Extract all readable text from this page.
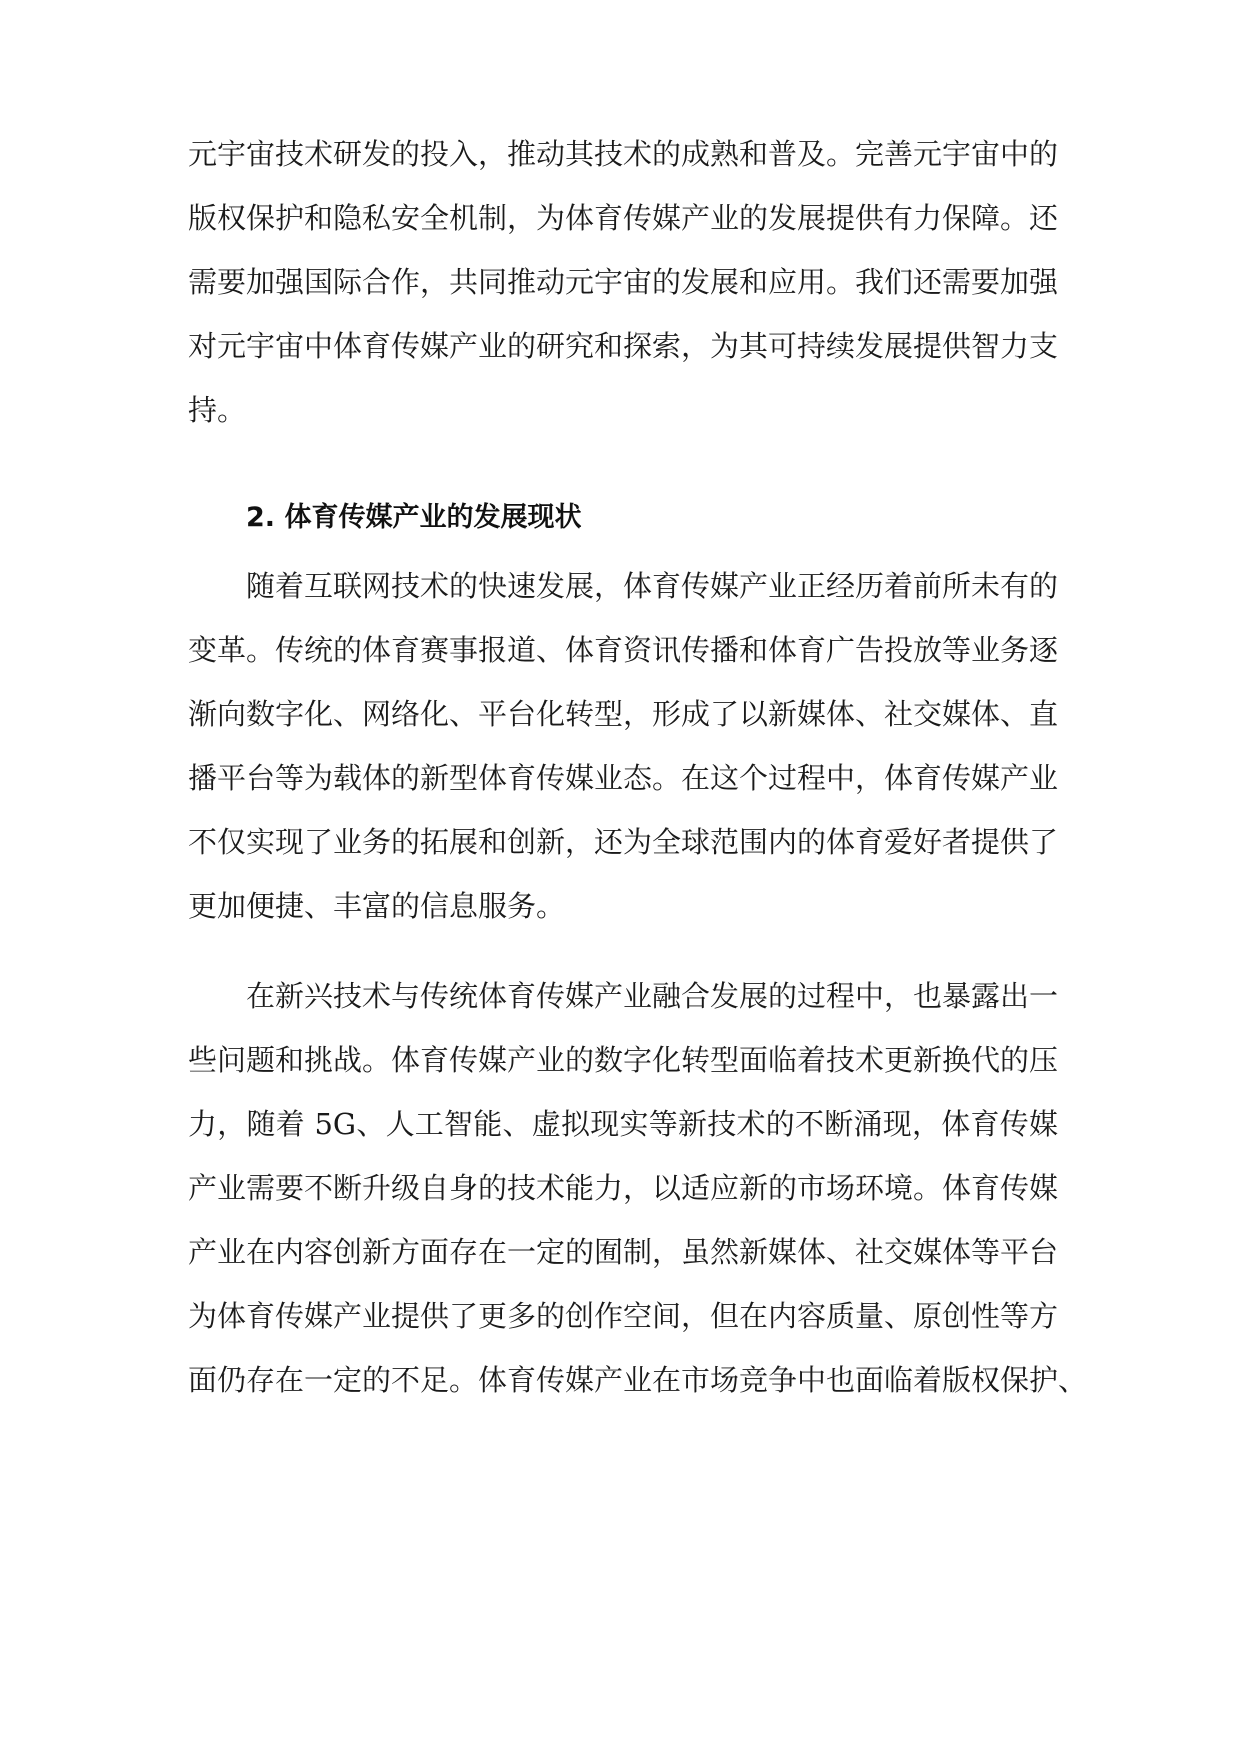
元宇宙技术研发的投入，推动其技术的成熟和普及。完善元宇宙中的
版权保护和隐私安全机制，为体育传媒产业的发展提供有力保障。还
需要加强国际合作，共同推动元宇宙的发展和应用。我们还需要加强
对元宇宙中体育传媒产业的研究和探索，为其可持续发展提供智力支
持。
2. 体育传媒产业的发展现状
随着互联网技术的快速发展，体育传媒产业正经历着前所未有的
变革。传统的体育赛事报道、体育资讯传播和体育广告投放等业务逐
渐向数字化、网络化、平台化转型，形成了以新媒体、社交媒体、直
播平台等为载体的新型体育传媒业态。在这个过程中，体育传媒产业
不仅实现了业务的拓展和创新，还为全球范围内的体育爱好者提供了
更加便捷、丰富的信息服务。
在新兴技术与传统体育传媒产业融合发展的过程中，也暴露出一
些问题和挑战。体育传媒产业的数字化转型面临着技术更新换代的压
力，随着 5G、人工智能、虚拟现实等新技术的不断涌现，体育传媒
产业需要不断升级自身的技术能力，以适应新的市场环境。体育传媒
产业在内容创新方面存在一定的囿制，虽然新媒体、社交媒体等平台
为体育传媒产业提供了更多的创作空间，但在内容质量、原创性等方
面仍存在一定的不足。体育传媒产业在市场竞争中也面临着版权保护、
